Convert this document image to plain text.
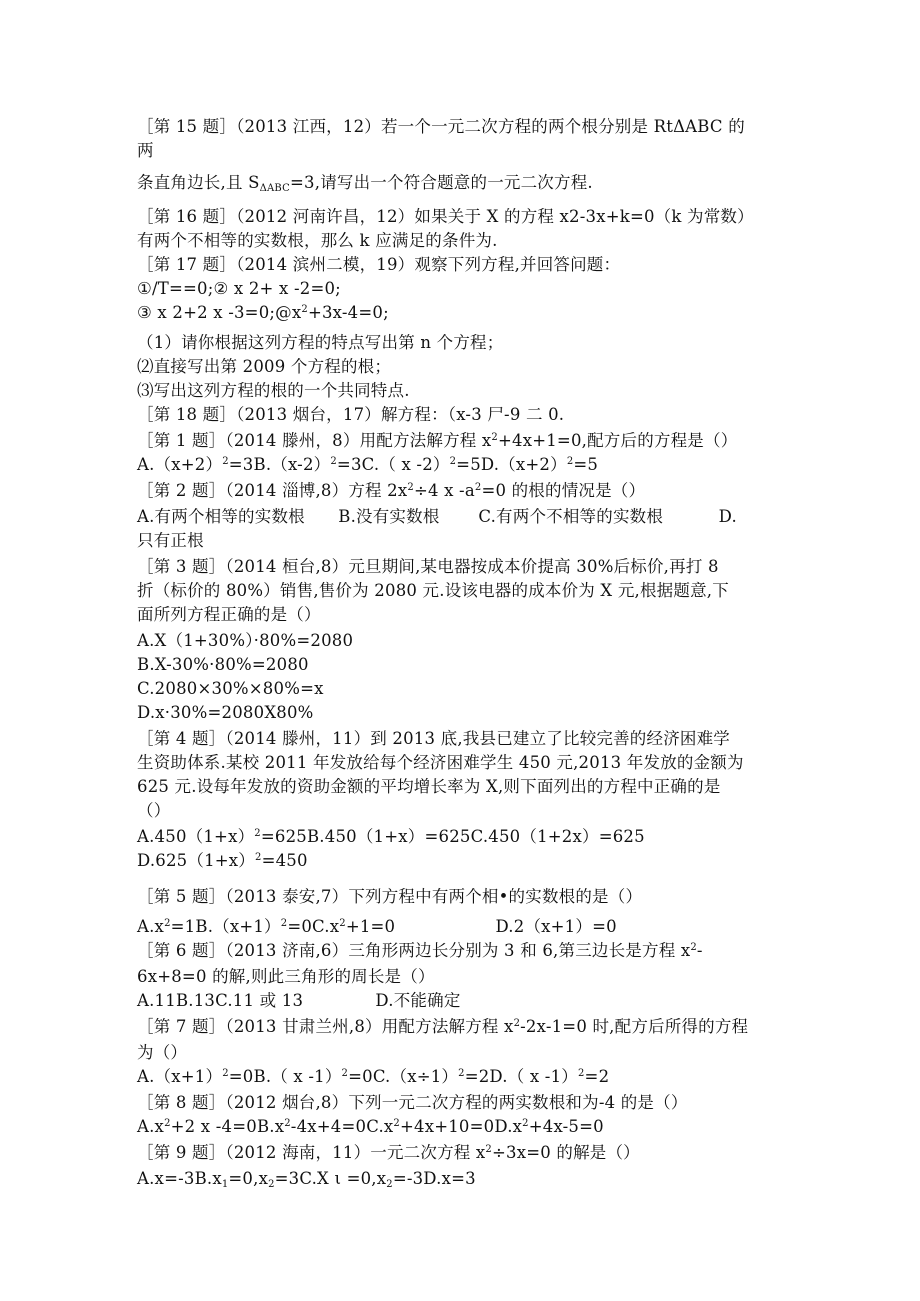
［第 15 题］（2013 江西，12）若一个一元二次方程的两个根分别是 RtΔABC 的
两
条直角边长,且 $S_{\Delta ABC}=3$,请写出一个符合题意的一元二次方程.
［第 16 题］（2012 河南许昌，12）如果关于 X 的方程 x2-3x+k=0（k 为常数）
有两个不相等的实数根，那么 k 应满足的条件为.
［第 17 题］（2014 滨州二模，19）观察下列方程,并回答问题：
①/T==0;② x 2+ x -2=0;
③ x 2+2 x $-3=0;@x^2+3x-4=0$;
（1）请你根据这列方程的特点写出第 n 个方程；
⑵直接写出第 2009 个方程的根；
⑶写出这列方程的根的一个共同特点.
［第 18 题］（2013 烟台，17）解方程：（x-3 尸-9 二 0.
［第 1 题］（2014 滕州，8）用配方法解方程 $x^2+4x+1=0$,配方后的方程是（）
$A.(x+2)^2=3B.(x-2)^2=3C$.（ x $-2)^2=5D.(x+2)^2=5$
［第 2 题］（2014 淄博,8）方程 $2x^2\div 4$ x $-a^2=0$ 的根的情况是（）
A.有两个相等的实数根　　B.没有实数根　　 C.有两个不相等的实数根　　　 D.
只有正根
［第 3 题］（2014 桓台,8）元旦期间,某电器按成本价提高 30%后标价,再打 8
折（标价的 80%）销售,售价为 2080 元.设该电器的成本价为 X 元,根据题意,下
面所列方程正确的是（）
A.X（1+30%）·80%=2080
B.X-30%·80%=2080
C.2080×30%×80%=x
D.x·30%=2080X80%
［第 4 题］（2014 滕州，11）到 2013 底,我县已建立了比较完善的经济困难学
生资助体系.某校 2011 年发放给每个经济困难学生 450 元,2013 年发放的金额为
625 元.设每年发放的资助金额的平均增长率为 X,则下面列出的方程中正确的是
（）
$A.450(1+x)^2=625B.450(1+x)=625C.450(1+2x)=625$
$D.625(1+x)^2=450$
［第 5 题］（2013 泰安,7）下列方程中有两个相•的实数根的是（）
$A.x^2=1B.(x+1)^2=0C.x^2+1=0$　　　　　　D.2（x+1）=0
［第 6 题］（2013 济南,6）三角形两边长分别为 3 和 6,第三边长是方程 $x^2-$
6x+8=0 的解,则此三角形的周长是（）
A.11B.13C.11 或 13　　　　 D.不能确定
［第 7 题］（2013 甘肃兰州,8）用配方法解方程 $x^2-2x-1=0$ 时,配方后所得的方程
为（）
$A.(x+1)^2=0B$.（ x $-1)^2=0C.(x\div 1)^2=2D$.（ x -1）$^2$=2
［第 8 题］（2012 烟台,8）下列一元二次方程的两实数根和为-4 的是（）
$A.x^2+2$ x $-4=0B.x^2-4x+4=0C.x^2+4x+10=0D.x^2+4x-5=0$
［第 9 题］（2012 海南，11）一元二次方程 $x^2\div 3x=0$ 的解是（）
$A.x=-3B.x_1=0,x_2=3C.X$ $\iota =0,x_2=-3D.x=3$
